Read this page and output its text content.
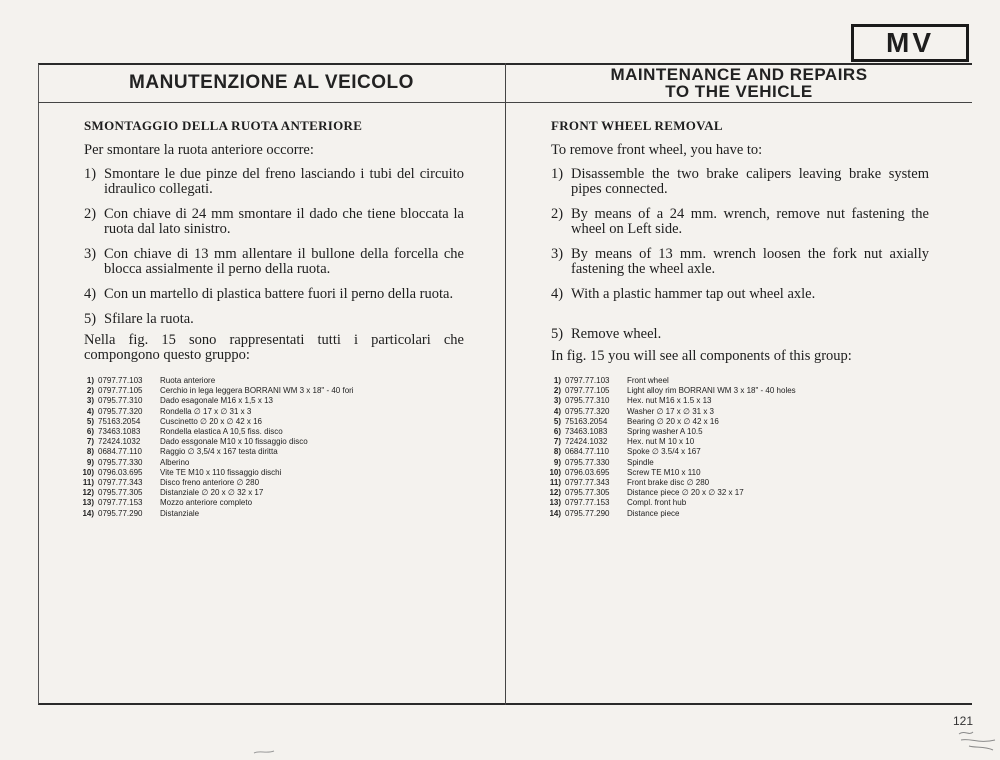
MV
MANUTENZIONE AL VEICOLO	MAINTENANCE AND REPAIRS
TO THE VEHICLE
SMONTAGGIO DELLA RUOTA ANTERIORE
Per smontare la ruota anteriore occorre:
1) Smontare le due pinze del freno lasciando i tubi del circuito idraulico collegati.
2) Con chiave di 24 mm smontare il dado che tiene bloccata la ruota dal lato sinistro.
3) Con chiave di 13 mm allentare il bullone della forcella che blocca assialmente il perno della ruota.
4) Con un martello di plastica battere fuori il perno della ruota.
5) Sfilare la ruota.
Nella fig. 15 sono rappresentati tutti i particolari che compongono questo gruppo:
1) 0797.77.103	Ruota anteriore
2) 0797.77.105	Cerchio in lega leggera BORRANI WM 3 x 18" - 40 fori
3) 0795.77.310	Dado esagonale M16 x 1,5 x 13
4) 0795.77.320	Rondella ∅ 17 x ∅ 31 x 3
5) 75163.2054	Cuscinetto ∅ 20 x ∅ 42 x 16
6) 73463.1083	Rondella elastica A 10,5 fiss. disco
7) 72424.1032	Dado essgonale M10 x 10 fissaggio disco
8) 0684.77.110	Raggio ∅ 3,5/4 x 167 testa diritta
9) 0795.77.330	Alberino
10) 0796.03.695	Vite TE M10 x 110 fissaggio dischi
11) 0797.77.343	Disco freno anteriore ∅ 280
12) 0795.77.305	Distanziale ∅ 20 x ∅ 32 x 17
13) 0797.77.153	Mozzo anteriore completo
14) 0795.77.290	Distanziale
FRONT WHEEL REMOVAL
To remove front wheel, you have to:
1) Disassemble the two brake calipers leaving brake system pipes connected.
2) By means of a 24 mm. wrench, remove nut fastening the wheel on Left side.
3) By means of 13 mm. wrench loosen the fork nut axially fastening the wheel axle.
4) With a plastic hammer tap out wheel axle.
5) Remove wheel.
In fig. 15 you will see all components of this group:
1) 0797.77.103	Front wheel
2) 0797.77.105	Light alloy rim BORRANI WM 3 x 18" - 40 holes
3) 0795.77.310	Hex. nut M16 x 1.5 x 13
4) 0795.77.320	Washer ∅ 17 x ∅ 31 x 3
5) 75163.2054	Bearing ∅ 20 x ∅ 42 x 16
6) 73463.1083	Spring washer A 10.5
7) 72424.1032	Hex. nut M 10 x 10
8) 0684.77.110	Spoke ∅ 3.5/4 x 167
9) 0795.77.330	Spindle
10) 0796.03.695	Screw TE M10 x 110
11) 0797.77.343	Front brake disc ∅ 280
12) 0795.77.305	Distance piece ∅ 20 x ∅ 32 x 17
13) 0797.77.153	Compl. front hub
14) 0795.77.290	Distance piece
121
